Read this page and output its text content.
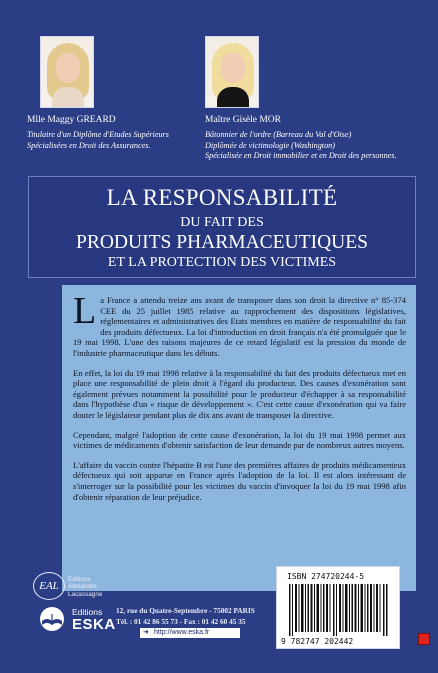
Mlle Maggy GREARD
Titulaire d'un Diplôme d'Etudes Supérieurs
Spécialisées en Droit des Assurances.
Maître Gisèle MOR
Bâtonnier de l'ordre (Barreau du Val d'Oise)
Diplômée de victimologie (Washington)
Spécialisée en Droit immobilier et en Droit des personnes.
LA RESPONSABILITÉ
DU FAIT DES
PRODUITS PHARMACEUTIQUES
ET LA PROTECTION DES VICTIMES

La France a attendu treize ans avant de transposer dans son droit la directive n° 85-374 CEE du 25 juillet 1985 relative au rapprochement des dispositions législatives, réglementaires et administratives des Etats membres en matière de responsabilité du fait des produits défectueux. La loi d'introduction en droit français n'a été promulguée que le 19 mai 1998. L'une des raisons majeures de ce retard législatif est la pression du monde de l'industrie pharmaceutique dans les débuts.

En effet, la loi du 19 mai 1998 relative à la responsabilité du fait des produits défectueux met en place une responsabilité de plein droit à l'égard du producteur. Des causes d'exonération sont également prévues notamment la possibilité pour le producteur d'échapper à sa responsabilité dans l'hypothèse d'un « risque de développement ». C'est cette cause d'exonération qui va faire douter le législateur pendant plus de dix ans avant de transposer la directive.

Cependant, malgré l'adoption de cette cause d'exonération, la loi du 19 mai 1998 permet aux victimes de médicaments d'obtenir satisfaction de leur demande par de nombreux autres moyens.

L'affaire du vaccin contre l'hépatite B est l'une des premières affaires de produits médicamenteux défectueux qui soit apparue en France après l'adoption de la loi. Il est alors intéressant de s'interroger sur la possibilité pour les victimes du vaccin d'invoquer la loi du 19 mai 1998 afin d'obtenir réparation de leur préjudice.

ISBN 274720244-5
9 782747 202442
EAL
Editions
Alexandre
Lacassagne
Editions
ESKA
12, rue du Quatre-Septembre - 75002 PARIS
Tél. : 01 42 86 55 73 - Fax : 01 42 60 45 35
➜ http://www.eska.fr
